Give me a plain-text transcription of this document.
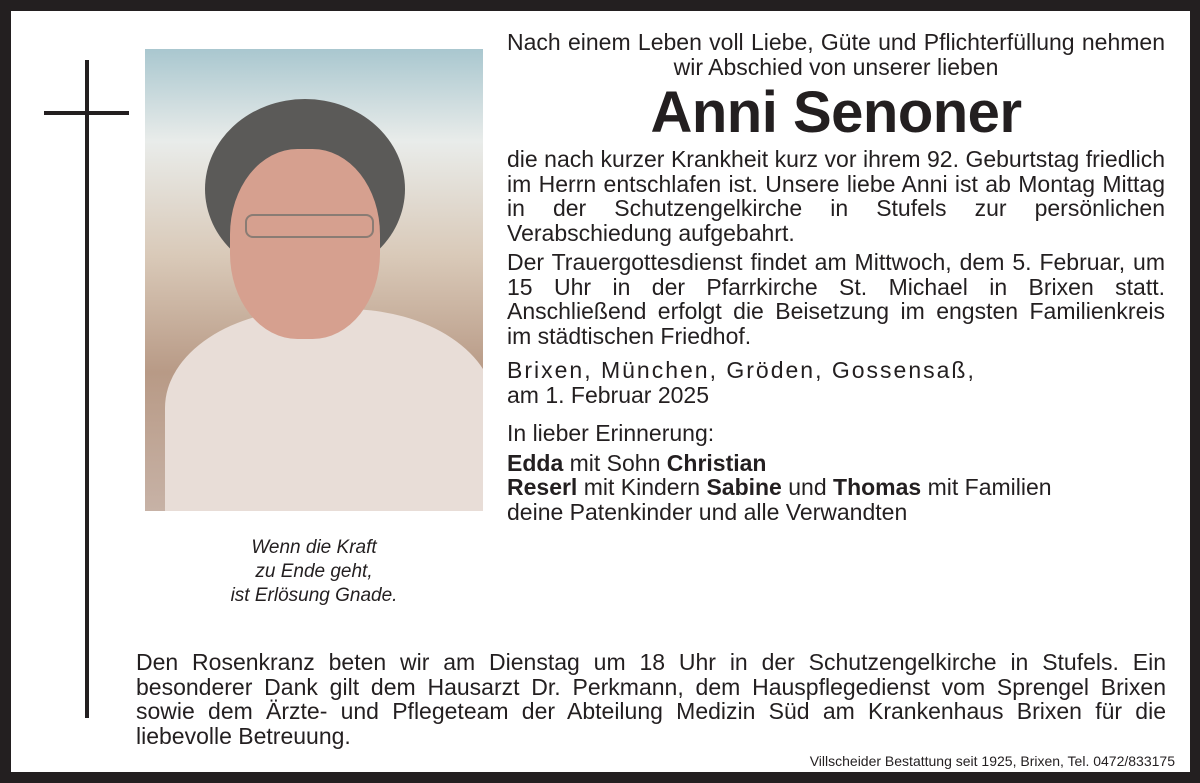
Wenn die Kraft
zu Ende geht,
ist Erlösung Gnade.

Nach einem Leben voll Liebe, Güte und Pflichterfüllung nehmen wir Abschied von unserer lieben

Anni Senoner

die nach kurzer Krankheit kurz vor ihrem 92. Geburtstag friedlich im Herrn entschlafen ist. Unsere liebe Anni ist ab Montag Mittag in der Schutzengelkirche in Stufels zur persönlichen Verabschiedung aufgebahrt.

Der Trauergottesdienst findet am Mittwoch, dem 5. Februar, um 15 Uhr in der Pfarrkirche St. Michael in Brixen statt. Anschließend erfolgt die Beisetzung im engsten Familienkreis im städtischen Friedhof.

Brixen, München, Gröden, Gossensaß,
am 1. Februar 2025
In lieber Erinnerung:
Edda mit Sohn Christian
Reserl mit Kindern Sabine und Thomas mit Familien
deine Patenkinder und alle Verwandten
Den Rosenkranz beten wir am Dienstag um 18 Uhr in der Schutzengelkirche in Stufels. Ein besonderer Dank gilt dem Hausarzt Dr. Perkmann, dem Hauspflegedienst vom Sprengel Brixen sowie dem Ärzte- und Pflegeteam der Abteilung Medizin Süd am Krankenhaus Brixen für die liebevolle Betreuung.
Villscheider Bestattung seit 1925, Brixen, Tel. 0472/833175
